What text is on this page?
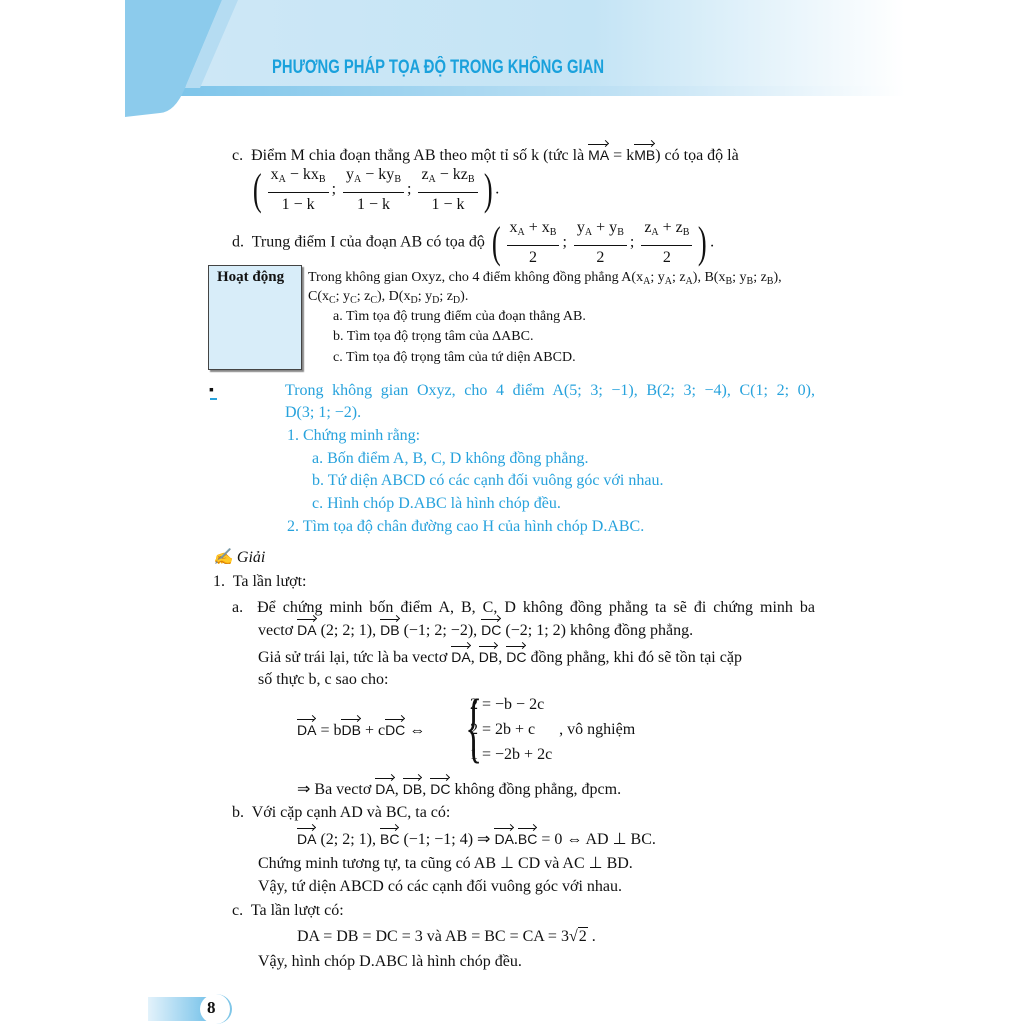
PHƯƠNG PHÁP TỌA ĐỘ TRONG KHÔNG GIAN
c.  Điểm M chia đoạn thẳng AB theo một tỉ số k (tức là MA = kMB) có tọa độ là
( $\frac{x_A - kx_B}{1 - k}$ ; $\frac{y_A - ky_B}{1 - k}$ ; $\frac{z_A - kz_B}{1 - k}$ ) .
d.  Trung điểm I của đoạn AB có tọa độ ( $\frac{x_A + x_B}{2}$ ; $\frac{y_A + y_B}{2}$ ; $\frac{z_A + z_B}{2}$ ) .
Hoạt động Trong không gian Oxyz, cho 4 điểm không đồng phẳng $A(x_A$; $y_A$; $z_A$), $B(x_B$; $y_B$; $z_B$),
$C(x_C$; $y_C$; $z_C$), $D(x_D$; $y_D$; $z_D$).
a. Tìm tọa độ trung điểm của đoạn thẳng AB.
b. Tìm tọa độ trọng tâm của ΔABC.
c. Tìm tọa độ trọng tâm của tứ diện ABCD.
▪	Trong không gian Oxyz, cho 4 điểm A(5; 3; −1), B(2; 3; −4), C(1; 2; 0),
D(3; 1; −2).
1. Chứng minh rằng:
a. Bốn điểm A, B, C, D không đồng phẳng.
b. Tứ diện ABCD có các cạnh đối vuông góc với nhau.
c. Hình chóp D.ABC là hình chóp đều.
2. Tìm tọa độ chân đường cao H của hình chóp D.ABC.
✍ Giải
1.  Ta lần lượt:
a.  Để chứng minh bốn điểm A, B, C, D không đồng phẳng ta sẽ đi chứng minh ba
vectơ DA (2; 2; 1), DB (−1; 2; −2), DC (−2; 1; 2) không đồng phẳng.
Giả sử trái lại, tức là ba vectơ DA, DB, DC đồng phẳng, khi đó sẽ tồn tại cặp
số thực b, c sao cho:
DA = bDB + cDC ⇔ {
2 = −b − 2c
2 = 2b + c      , vô nghiệm
1 = −2b + 2c
⇒ Ba vectơ DA, DB, DC không đồng phẳng, đpcm.
b.  Với cặp cạnh AD và BC, ta có:
DA (2; 2; 1), BC (−1; −1; 4) ⇒ DA.BC = 0 ⇔ AD ⊥ BC.
Chứng minh tương tự, ta cũng có AB ⊥ CD và AC ⊥ BD.
Vậy, tứ diện ABCD có các cạnh đối vuông góc với nhau.
c.  Ta lần lượt có:
DA = DB = DC = 3 và AB = BC = CA = 3√2 .
Vậy, hình chóp D.ABC là hình chóp đều.
8
